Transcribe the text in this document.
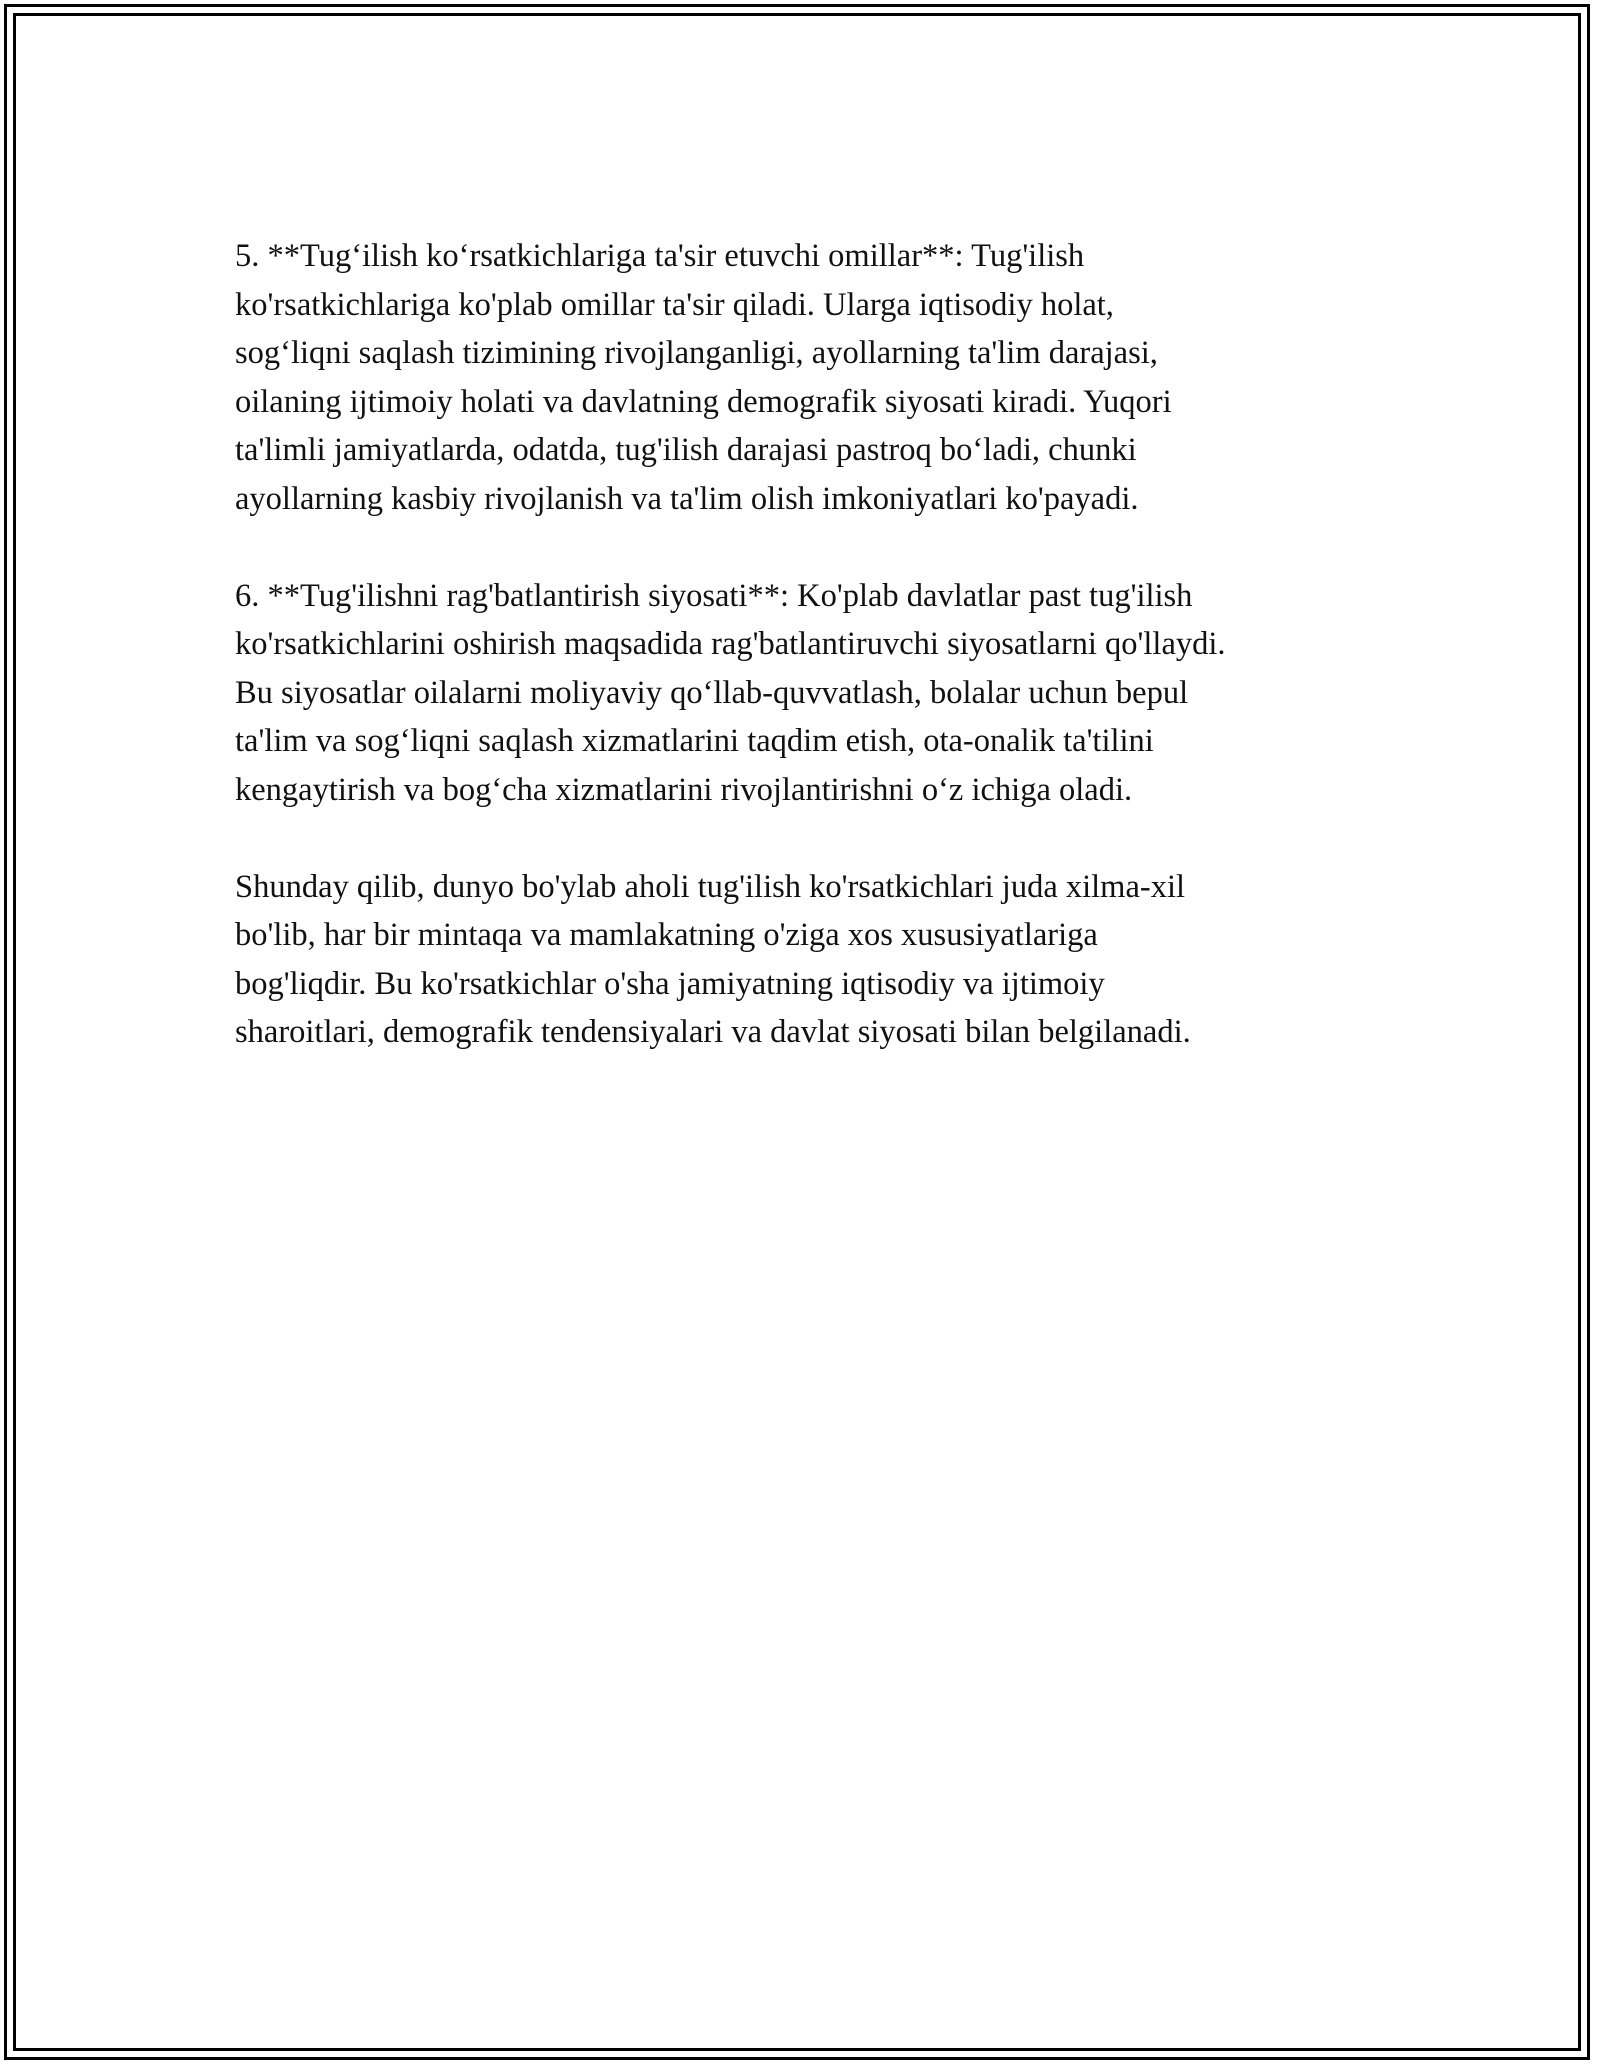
5. **Tug‘ilish ko‘rsatkichlariga ta'sir etuvchi omillar**: Tug'ilish
ko'rsatkichlariga ko'plab omillar ta'sir qiladi. Ularga iqtisodiy holat,
sog‘liqni saqlash tizimining rivojlanganligi, ayollarning ta'lim darajasi,
oilaning ijtimoiy holati va davlatning demografik siyosati kiradi. Yuqori
ta'limli jamiyatlarda, odatda, tug'ilish darajasi pastroq bo‘ladi, chunki
ayollarning kasbiy rivojlanish va ta'lim olish imkoniyatlari ko'payadi.

6. **Tug'ilishni rag'batlantirish siyosati**: Ko'plab davlatlar past tug'ilish
ko'rsatkichlarini oshirish maqsadida rag'batlantiruvchi siyosatlarni qo'llaydi.
Bu siyosatlar oilalarni moliyaviy qo‘llab-quvvatlash, bolalar uchun bepul
ta'lim va sog‘liqni saqlash xizmatlarini taqdim etish, ota-onalik ta'tilini
kengaytirish va bog‘cha xizmatlarini rivojlantirishni o‘z ichiga oladi.

Shunday qilib, dunyo bo'ylab aholi tug'ilish ko'rsatkichlari juda xilma-xil
bo'lib, har bir mintaqa va mamlakatning o'ziga xos xususiyatlariga
bog'liqdir. Bu ko'rsatkichlar o'sha jamiyatning iqtisodiy va ijtimoiy
sharoitlari, demografik tendensiyalari va davlat siyosati bilan belgilanadi.
